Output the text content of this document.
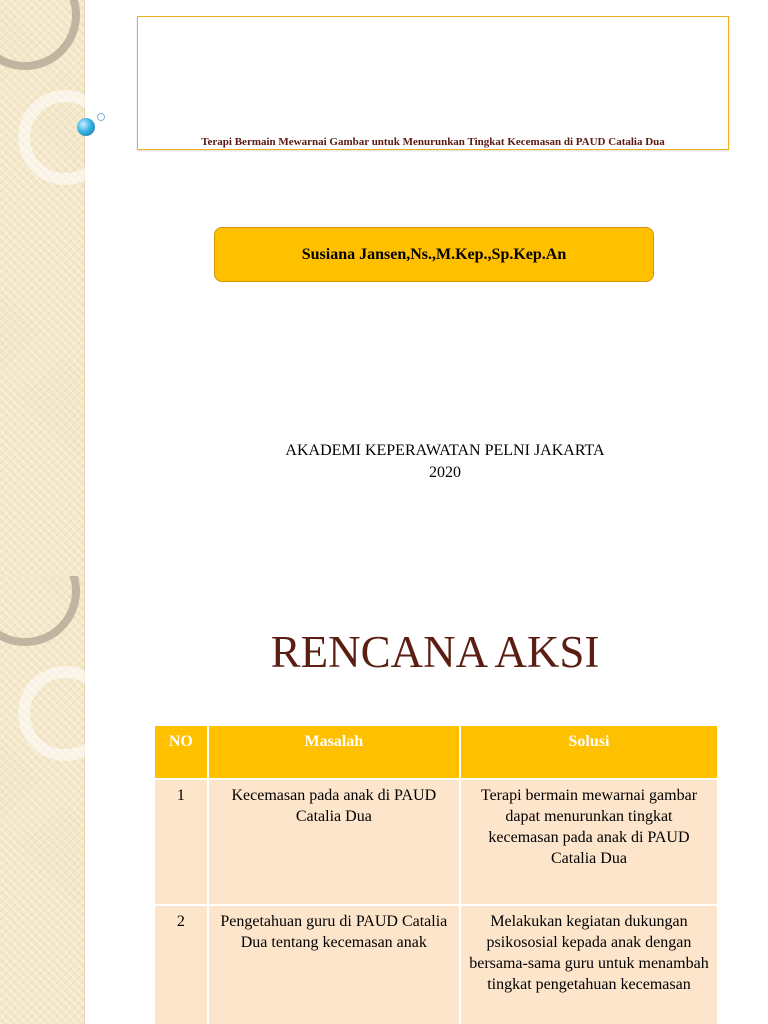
Terapi Bermain Mewarnai Gambar untuk Menurunkan Tingkat Kecemasan di PAUD Catalia Dua
Susiana Jansen,Ns.,M.Kep.,Sp.Kep.An
AKADEMI KEPERAWATAN PELNI JAKARTA
2020
RENCANA AKSI
NO	Masalah	Solusi
1	Kecemasan pada anak di PAUD Catalia Dua	Terapi bermain mewarnai gambar dapat menurunkan tingkat kecemasan pada anak di PAUD Catalia Dua
2	Pengetahuan guru di PAUD Catalia Dua tentang kecemasan anak	Melakukan kegiatan dukungan psikososial kepada anak dengan bersama-sama guru untuk menambah tingkat pengetahuan kecemasan
